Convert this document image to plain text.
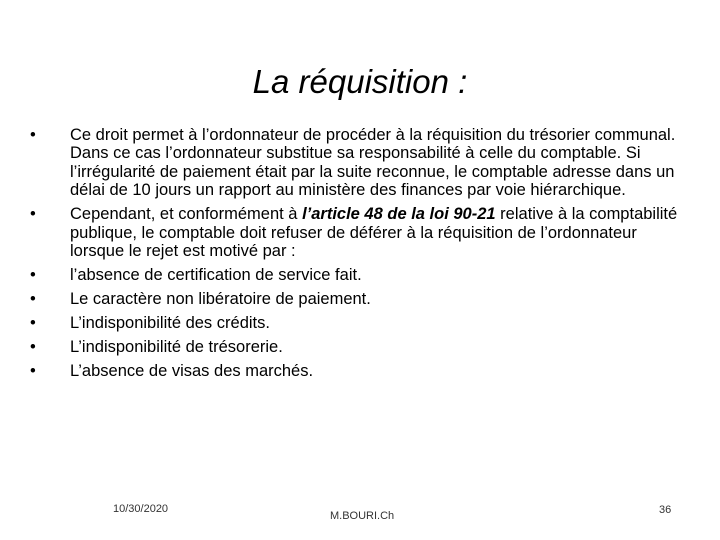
La réquisition :
•	Ce droit permet à l’ordonnateur de procéder à la réquisition du trésorier communal. Dans ce cas l’ordonnateur substitue sa responsabilité à celle du comptable. Si l’irrégularité de paiement était par la suite reconnue, le comptable adresse dans un délai de 10 jours un rapport au ministère des finances par voie hiérarchique.
•	Cependant, et conformément à l’article 48 de la loi 90-21 relative à la comptabilité publique, le comptable doit refuser de déférer à la réquisition de l’ordonnateur lorsque le rejet est motivé par :
•	l’absence de certification de service fait.
•	Le caractère non libératoire de paiement.
•	L’indisponibilité des crédits.
•	L’indisponibilité de trésorerie.
•	L’absence de visas des marchés.
10/30/2020
M.BOURI.Ch	36
